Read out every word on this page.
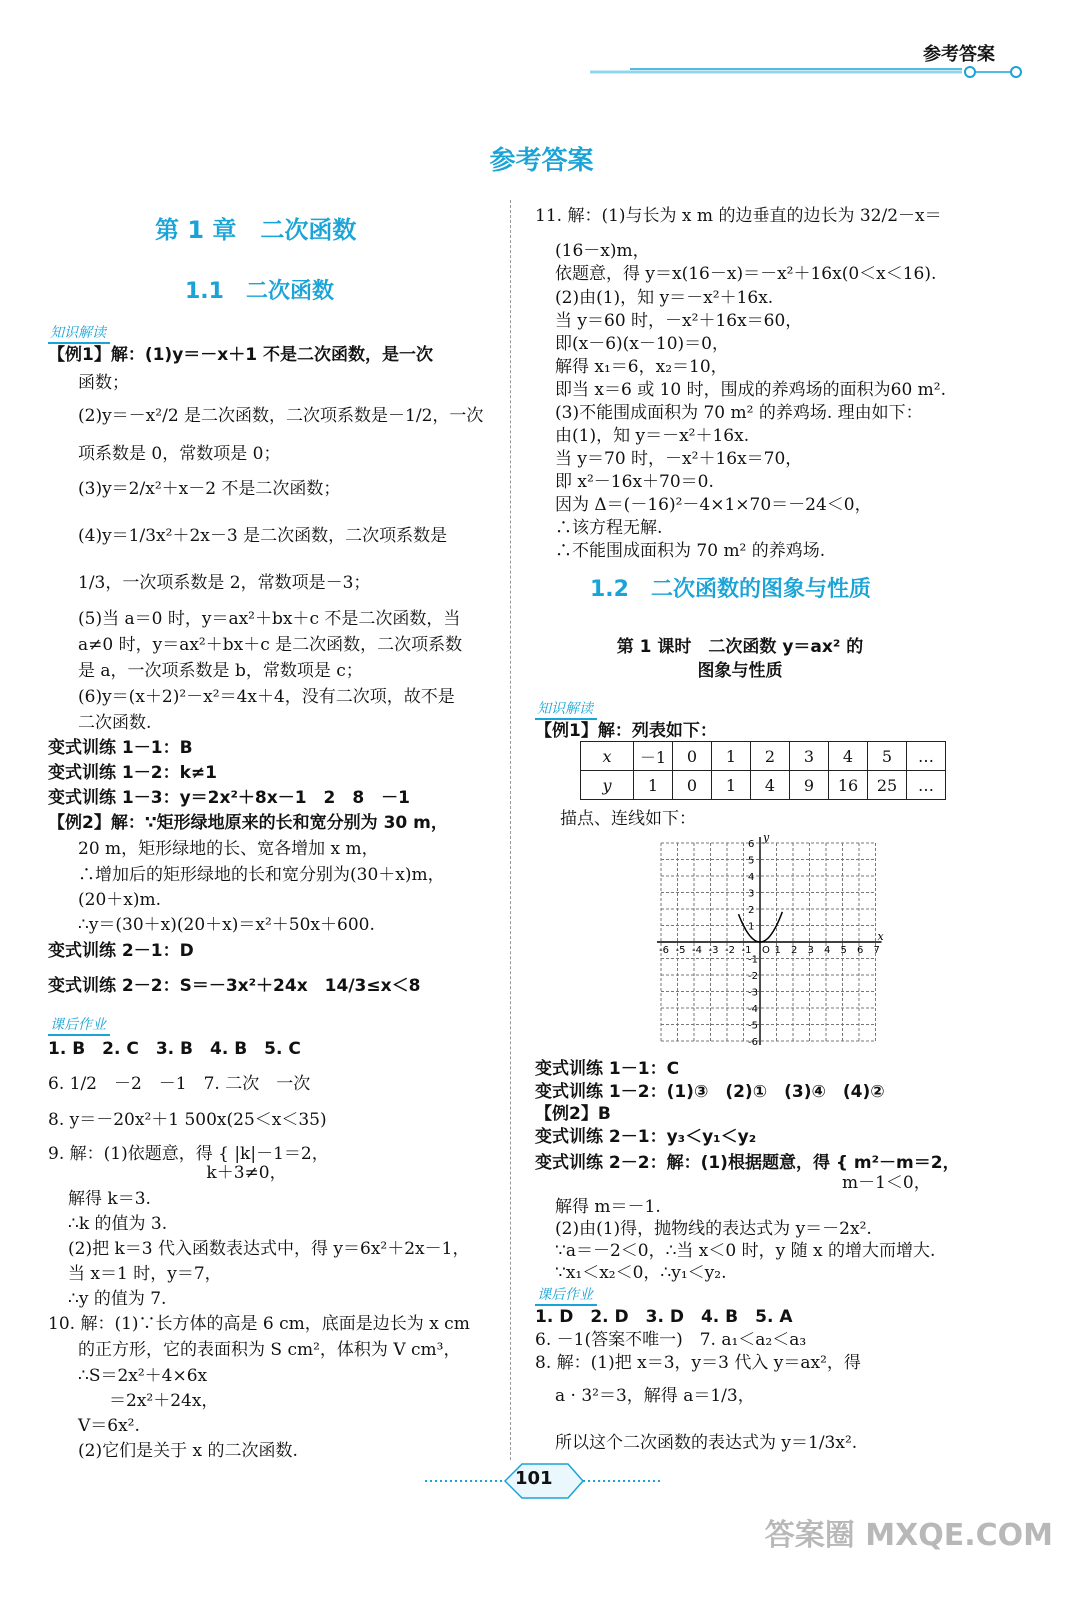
参考答案
参考答案
第 1 章　二次函数
1.1　二次函数
知识解读
【例1】解：(1)y＝－x＋1 不是二次函数，是一次
函数；
(2)y＝－x²/2 是二次函数，二次项系数是－1/2，一次
项系数是 0，常数项是 0；
(3)y＝2/x²＋x－2 不是二次函数；
(4)y＝1/3x²＋2x－3 是二次函数，二次项系数是
1/3，一次项系数是 2，常数项是－3；
(5)当 a＝0 时，y＝ax²＋bx＋c 不是二次函数，当
a≠0 时，y＝ax²＋bx＋c 是二次函数，二次项系数
是 a，一次项系数是 b，常数项是 c；
(6)y＝(x＋2)²－x²＝4x＋4，没有二次项，故不是
二次函数.
变式训练 1－1：B
变式训练 1－2：k≠1
变式训练 1－3：y＝2x²＋8x－1　2　8　－1
【例2】解：∵矩形绿地原来的长和宽分别为 30 m，
20 m，矩形绿地的长、宽各增加 x m，
∴增加后的矩形绿地的长和宽分别为(30＋x)m，
(20＋x)m.
∴y＝(30＋x)(20＋x)＝x²＋50x＋600.
变式训练 2－1：D
变式训练 2－2：S＝－3x²＋24x　14/3≤x＜8
课后作业
1. B　2. C　3. B　4. B　5. C
6. 1/2　－2　－1　7. 二次　一次
8. y＝－20x²＋1 500x(25＜x＜35)
9. 解：(1)依题意，得 { |k|－1＝2，
　　　　　　　　　 k＋3≠0，
解得 k＝3.
∴k 的值为 3.
(2)把 k＝3 代入函数表达式中，得 y＝6x²＋2x－1，
当 x＝1 时，y＝7，
∴y 的值为 7.
10. 解：(1)∵长方体的高是 6 cm，底面是边长为 x cm
的正方形，它的表面积为 S cm²，体积为 V cm³，
∴S＝2x²＋4×6x
　＝2x²＋24x，
V＝6x².
(2)它们是关于 x 的二次函数.
11. 解：(1)与长为 x m 的边垂直的边长为 32/2－x＝
(16－x)m，
依题意，得 y＝x(16－x)＝－x²＋16x(0＜x＜16).
(2)由(1)，知 y＝－x²＋16x.
当 y＝60 时，－x²＋16x＝60，
即(x－6)(x－10)＝0，
解得 x₁＝6，x₂＝10，
即当 x＝6 或 10 时，围成的养鸡场的面积为60 m².
(3)不能围成面积为 70 m² 的养鸡场. 理由如下：
由(1)，知 y＝－x²＋16x.
当 y＝70 时，－x²＋16x＝70，
即 x²－16x＋70＝0.
因为 Δ＝(－16)²－4×1×70＝－24＜0，
∴该方程无解.
∴不能围成面积为 70 m² 的养鸡场.
1.2　二次函数的图象与性质
第 1 课时　二次函数 y＝ax² 的
图象与性质
知识解读
【例1】解：列表如下：
描点、连线如下：
变式训练 1－1：C
变式训练 1－2：(1)③　(2)①　(3)④　(4)②
【例2】B
变式训练 2－1：y₃＜y₁＜y₂
变式训练 2－2：解：(1)根据题意，得 { m²－m＝2，
m－1＜0，
解得 m＝－1.
(2)由(1)得，抛物线的表达式为 y＝－2x².
∵a＝－2＜0，∴当 x＜0 时，y 随 x 的增大而增大.
∵x₁＜x₂＜0，∴y₁＜y₂.
课后作业
1. D　2. D　3. D　4. B　5. A
6. －1(答案不唯一)　7. a₁＜a₂＜a₃
8. 解：(1)把 x＝3，y＝3 代入 y＝ax²，得
a · 3²＝3，解得 a＝1/3，
所以这个二次函数的表达式为 y＝1/3x².
x	－1	0	1	2	3	4	5	…
y	1	0	1	4	9	16	25	…
-6 -5 -4 -3 -2 -1 1 2 3 4 5 6 7
-6
-5
-4
-3
-2
-1
1
2
3
4
5
6
O
x
y
101
答案圈 MXQE.COM
